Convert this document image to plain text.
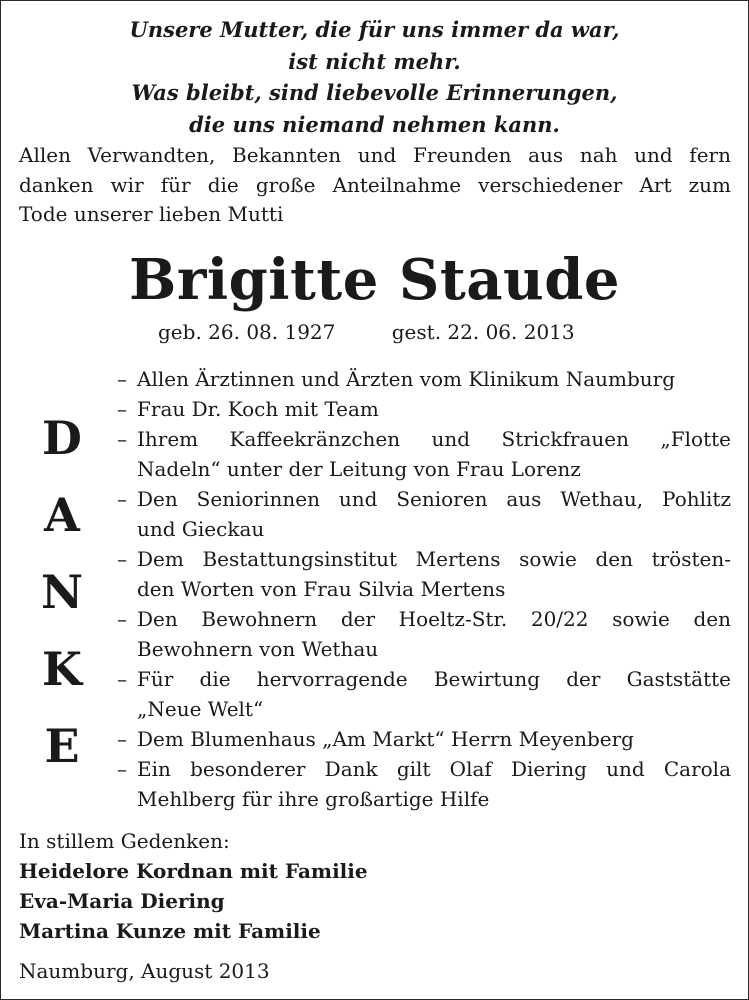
Unsere Mutter, die für uns immer da war,
ist nicht mehr.
Was bleibt, sind liebevolle Erinnerungen,
die uns niemand nehmen kann.
Allen Verwandten, Bekannten und Freunden aus nah und fern
danken wir für die große Anteilnahme verschiedener Art zum
Tode unserer lieben Mutti
Brigitte Staude
geb. 26. 08. 1927	gest. 22. 06. 2013
D
A
N
K
E
– Allen Ärztinnen und Ärzten vom Klinikum Naumburg
– Frau Dr. Koch mit Team
– Ihrem Kaffeekränzchen und Strickfrauen „Flotte
Nadeln“ unter der Leitung von Frau Lorenz
– Den Seniorinnen und Senioren aus Wethau, Pohlitz
und Gieckau
– Dem Bestattungsinstitut Mertens sowie den trösten-
den Worten von Frau Silvia Mertens
– Den Bewohnern der Hoeltz-Str. 20/22 sowie den
Bewohnern von Wethau
– Für die hervorragende Bewirtung der Gaststätte
„Neue Welt“
– Dem Blumenhaus „Am Markt“ Herrn Meyenberg
– Ein besonderer Dank gilt Olaf Diering und Carola
Mehlberg für ihre großartige Hilfe
In stillem Gedenken:
Heidelore Kordnan mit Familie
Eva-Maria Diering
Martina Kunze mit Familie
Naumburg, August 2013
